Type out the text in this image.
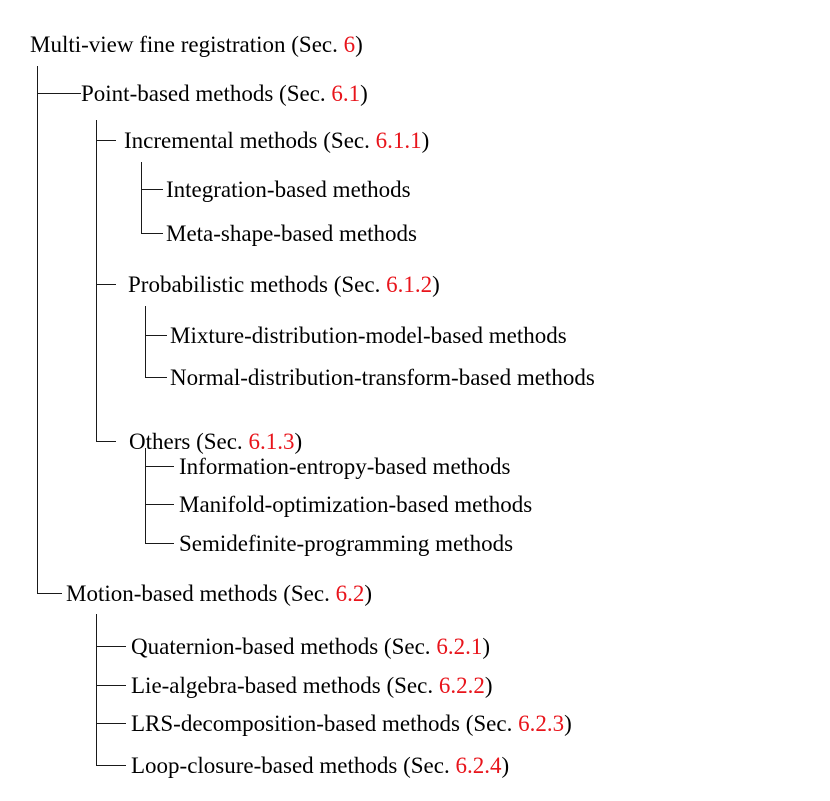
Multi-view fine registration (Sec. 6)
Point-based methods (Sec. 6.1)
Incremental methods (Sec. 6.1.1)
Integration-based methods
Meta-shape-based methods
Probabilistic methods (Sec. 6.1.2)
Mixture-distribution-model-based methods
Normal-distribution-transform-based methods
Others (Sec. 6.1.3)
Information-entropy-based methods
Manifold-optimization-based methods
Semidefinite-programming methods
Motion-based methods (Sec. 6.2)
Quaternion-based methods (Sec. 6.2.1)
Lie-algebra-based methods (Sec. 6.2.2)
LRS-decomposition-based methods (Sec. 6.2.3)
Loop-closure-based methods (Sec. 6.2.4)
